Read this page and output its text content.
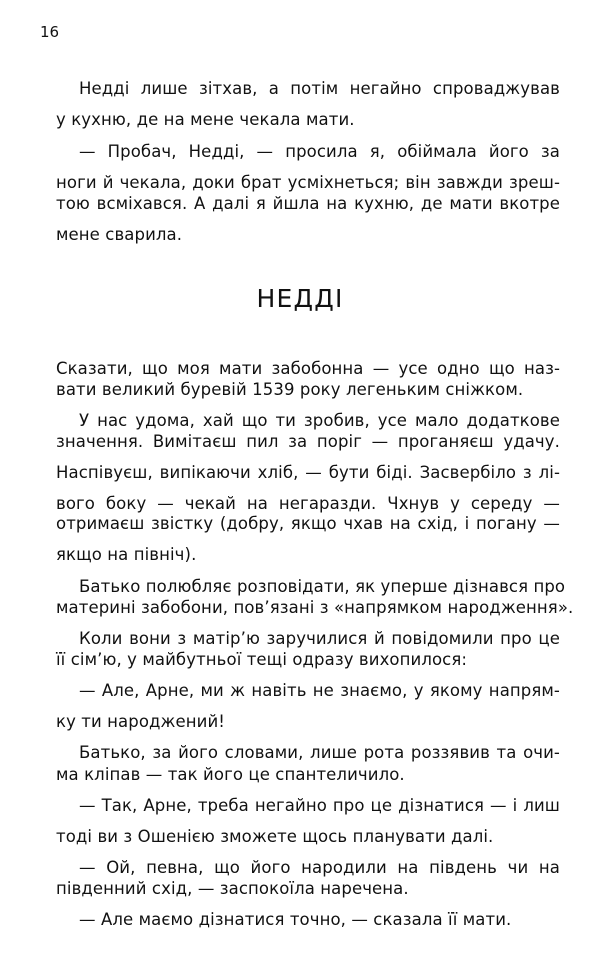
16
Недді лише зітхав, а потім негайно спроваджував
у кухню, де на мене чекала мати.
— Пробач, Недді, — просила я, обіймала його за
ноги й чекала, доки брат усміхнеться; він завжди зреш-
тою всміхався. А далі я йшла на кухню, де мати вкотре
мене сварила.
НЕДДІ
Сказати, що моя мати забобонна — усе одно що наз-
вати великий буревій 1539 року легеньким сніжком.
У нас удома, хай що ти зробив, усе мало додаткове
значення. Вимітаєш пил за поріг — проганяєш удачу.
Наспівуєш, випікаючи хліб, — бути біді. Засвербіло з лі-
вого боку — чекай на негаразди. Чхнув у середу —
отримаєш звістку (добру, якщо чхав на схід, і погану —
якщо на північ).
Батько полюбляє розповідати, як уперше дізнався про
материні забобони, пов’язані з «напрямком народження».
Коли вони з матір’ю заручилися й повідомили про це
її сім’ю, у майбутньої тещі одразу вихопилося:
— Але, Арне, ми ж навіть не знаємо, у якому напрям-
ку ти народжений!
Батько, за його словами, лише рота роззявив та очи-
ма кліпав — так його це спантеличило.
— Так, Арне, треба негайно про це дізнатися — і лиш
тоді ви з Ошенією зможете щось планувати далі.
— Ой, певна, що його народили на південь чи на
південний схід, — заспокоїла наречена.
— Але маємо дізнатися точно, — сказала її мати.
